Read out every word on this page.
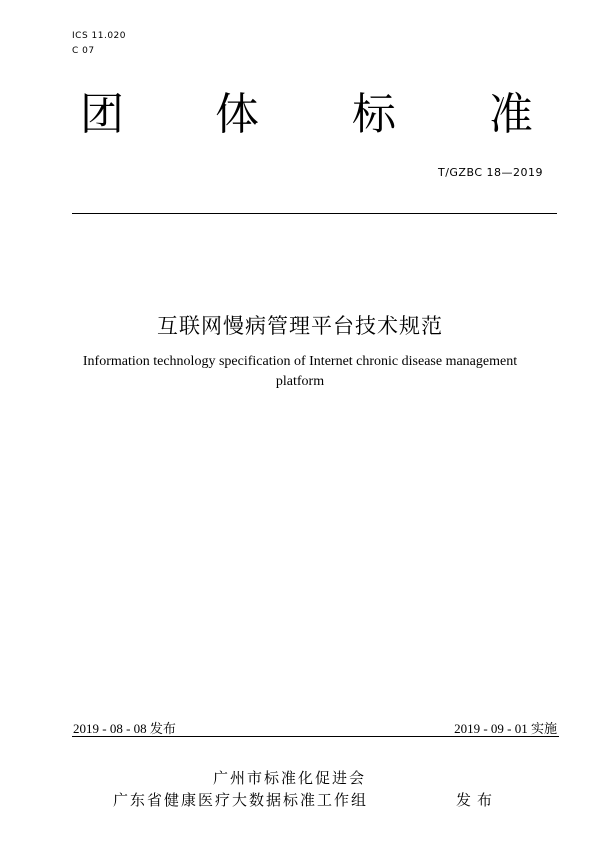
ICS 11.020
C 07
团 体 标 准
T/GZBC 18—2019
互联网慢病管理平台技术规范
Information technology specification of Internet chronic disease management
platform
2019 - 08 - 08 发布	2019 - 09 - 01 实施
广州市标准化促进会
广东省健康医疗大数据标准工作组	发布
